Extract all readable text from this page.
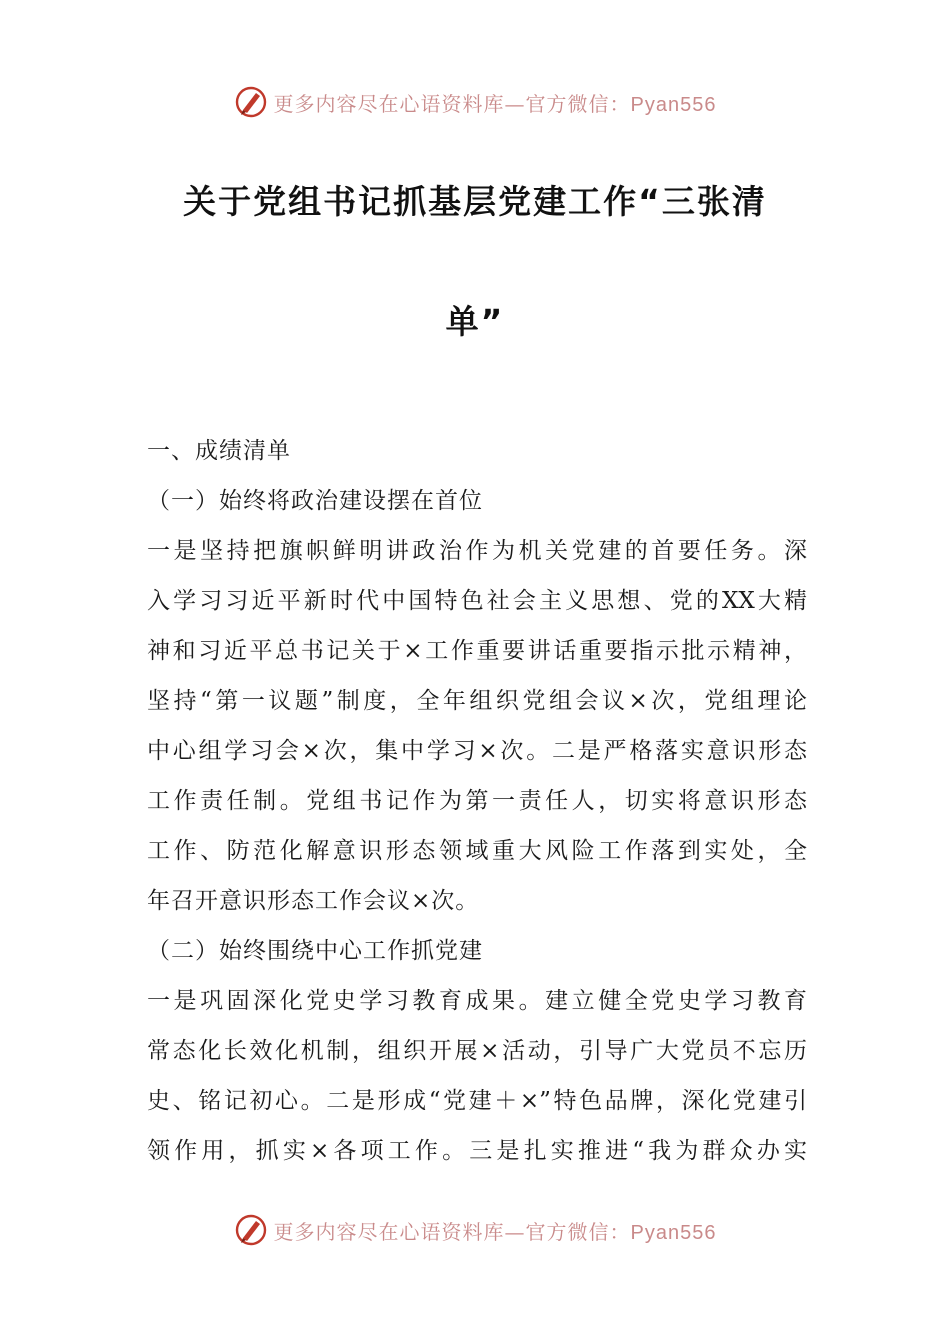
更多内容尽在心语资料库—官方微信：Pyan556
关于党组书记抓基层党建工作“三张清
单”
一、成绩清单
（一）始终将政治建设摆在首位
一是坚持把旗帜鲜明讲政治作为机关党建的首要任务。深
入学习习近平新时代中国特色社会主义思想、党的XX大精
神和习近平总书记关于×工作重要讲话重要指示批示精神，
坚持“第一议题”制度，全年组织党组会议×次，党组理论
中心组学习会×次，集中学习×次。二是严格落实意识形态
工作责任制。党组书记作为第一责任人，切实将意识形态
工作、防范化解意识形态领域重大风险工作落到实处，全
年召开意识形态工作会议×次。
（二）始终围绕中心工作抓党建
一是巩固深化党史学习教育成果。建立健全党史学习教育
常态化长效化机制，组织开展×活动，引导广大党员不忘历
史、铭记初心。二是形成“党建＋×”特色品牌，深化党建引
领作用，抓实×各项工作。三是扎实推进“我为群众办实
更多内容尽在心语资料库—官方微信：Pyan556
